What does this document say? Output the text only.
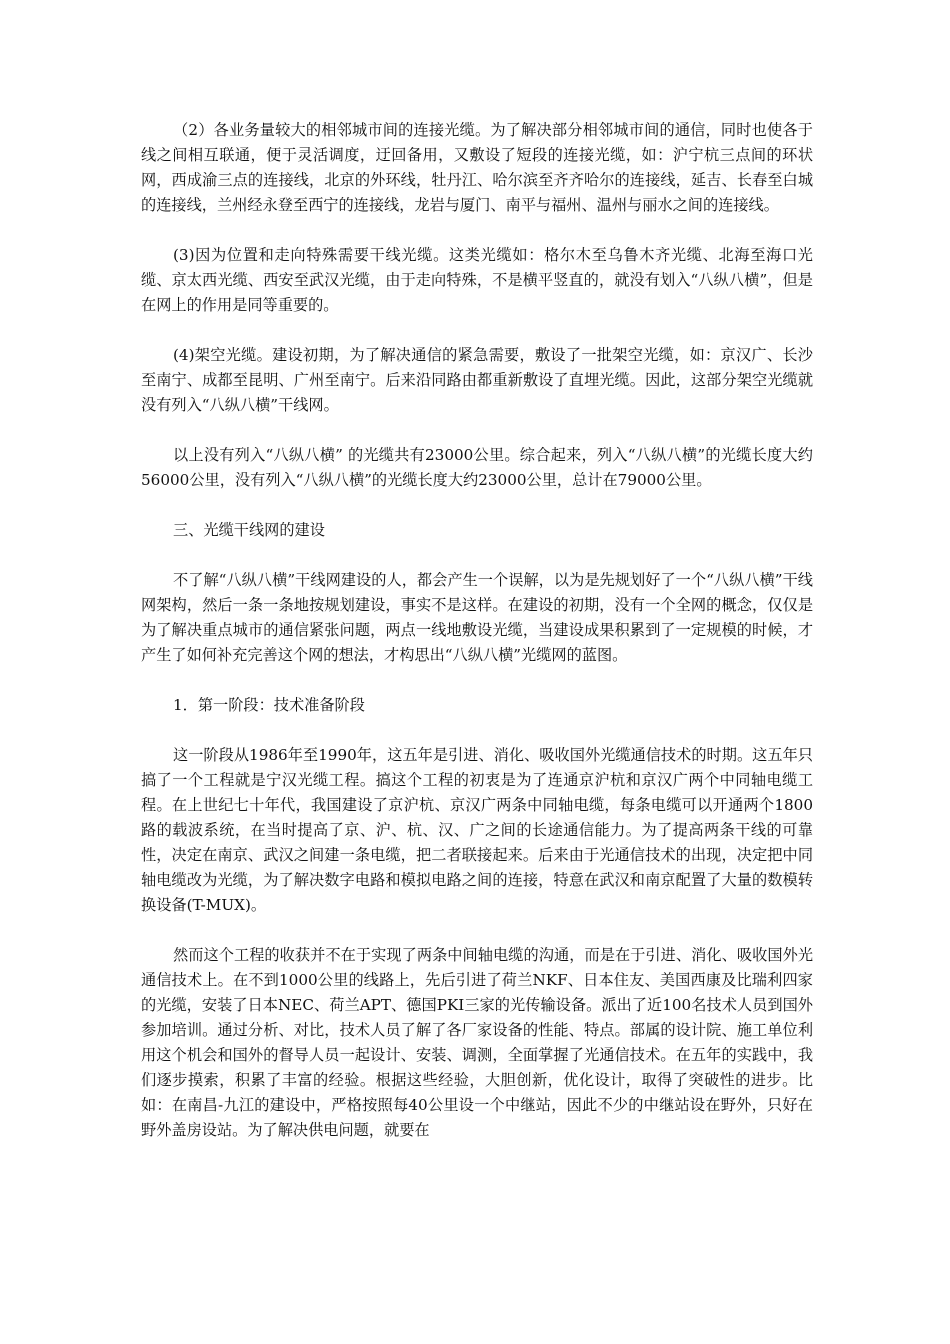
（2）各业务量较大的相邻城市间的连接光缆。为了解决部分相邻城市间的通信，同时也使各于线之间相互联通，便于灵活调度，迂回备用，又敷设了短段的连接光缆，如：沪宁杭三点间的环状网，西成渝三点的连接线，北京的外环线，牡丹江、哈尔滨至齐齐哈尔的连接线，延吉、长春至白城的连接线，兰州经永登至西宁的连接线，龙岩与厦门、南平与福州、温州与丽水之间的连接线。

(3)因为位置和走向特殊需要干线光缆。这类光缆如：格尔木至乌鲁木齐光缆、北海至海口光缆、京太西光缆、西安至武汉光缆，由于走向特殊，不是横平竖直的，就没有划入“八纵八横”，但是在网上的作用是同等重要的。

(4)架空光缆。建设初期，为了解决通信的紧急需要，敷设了一批架空光缆，如：京汉广、长沙至南宁、成都至昆明、广州至南宁。后来沿同路由都重新敷设了直埋光缆。因此，这部分架空光缆就没有列入“八纵八横”干线网。

以上没有列入“八纵八横” 的光缆共有23000公里。综合起来，列入“八纵八横”的光缆长度大约56000公里，没有列入“八纵八横”的光缆长度大约23000公里，总计在79000公里。

三、光缆干线网的建设

不了解“八纵八横”干线网建设的人，都会产生一个误解，以为是先规划好了一个“八纵八横”干线网架构，然后一条一条地按规划建设，事实不是这样。在建设的初期，没有一个全网的概念，仅仅是为了解决重点城市的通信紧张问题，两点一线地敷设光缆，当建设成果积累到了一定规模的时候，才产生了如何补充完善这个网的想法，才构思出“八纵八横”光缆网的蓝图。

1．第一阶段：技术准备阶段

这一阶段从1986年至1990年，这五年是引进、消化、吸收国外光缆通信技术的时期。这五年只搞了一个工程就是宁汉光缆工程。搞这个工程的初衷是为了连通京沪杭和京汉广两个中同轴电缆工程。在上世纪七十年代，我国建设了京沪杭、京汉广两条中同轴电缆，每条电缆可以开通两个1800路的载波系统，在当时提高了京、沪、杭、汉、广之间的长途通信能力。为了提高两条干线的可靠性，决定在南京、武汉之间建一条电缆，把二者联接起来。后来由于光通信技术的出现，决定把中同轴电缆改为光缆，为了解决数字电路和模拟电路之间的连接，特意在武汉和南京配置了大量的数模转换设备(T-MUX)。

然而这个工程的收获并不在于实现了两条中间轴电缆的沟通，而是在于引进、消化、吸收国外光通信技术上。在不到1000公里的线路上，先后引进了荷兰NKF、日本住友、美国西康及比瑞利四家的光缆，安装了日本NEC、荷兰APT、德国PKI三家的光传输设备。派出了近100名技术人员到国外参加培训。通过分析、对比，技术人员了解了各厂家设备的性能、特点。部属的设计院、施工单位利用这个机会和国外的督导人员一起设计、安装、调测，全面掌握了光通信技术。在五年的实践中，我们逐步摸索，积累了丰富的经验。根据这些经验，大胆创新，优化设计，取得了突破性的进步。比如：在南昌-九江的建设中，严格按照每40公里设一个中继站，因此不少的中继站设在野外，只好在野外盖房设站。为了解决供电问题，就要在
